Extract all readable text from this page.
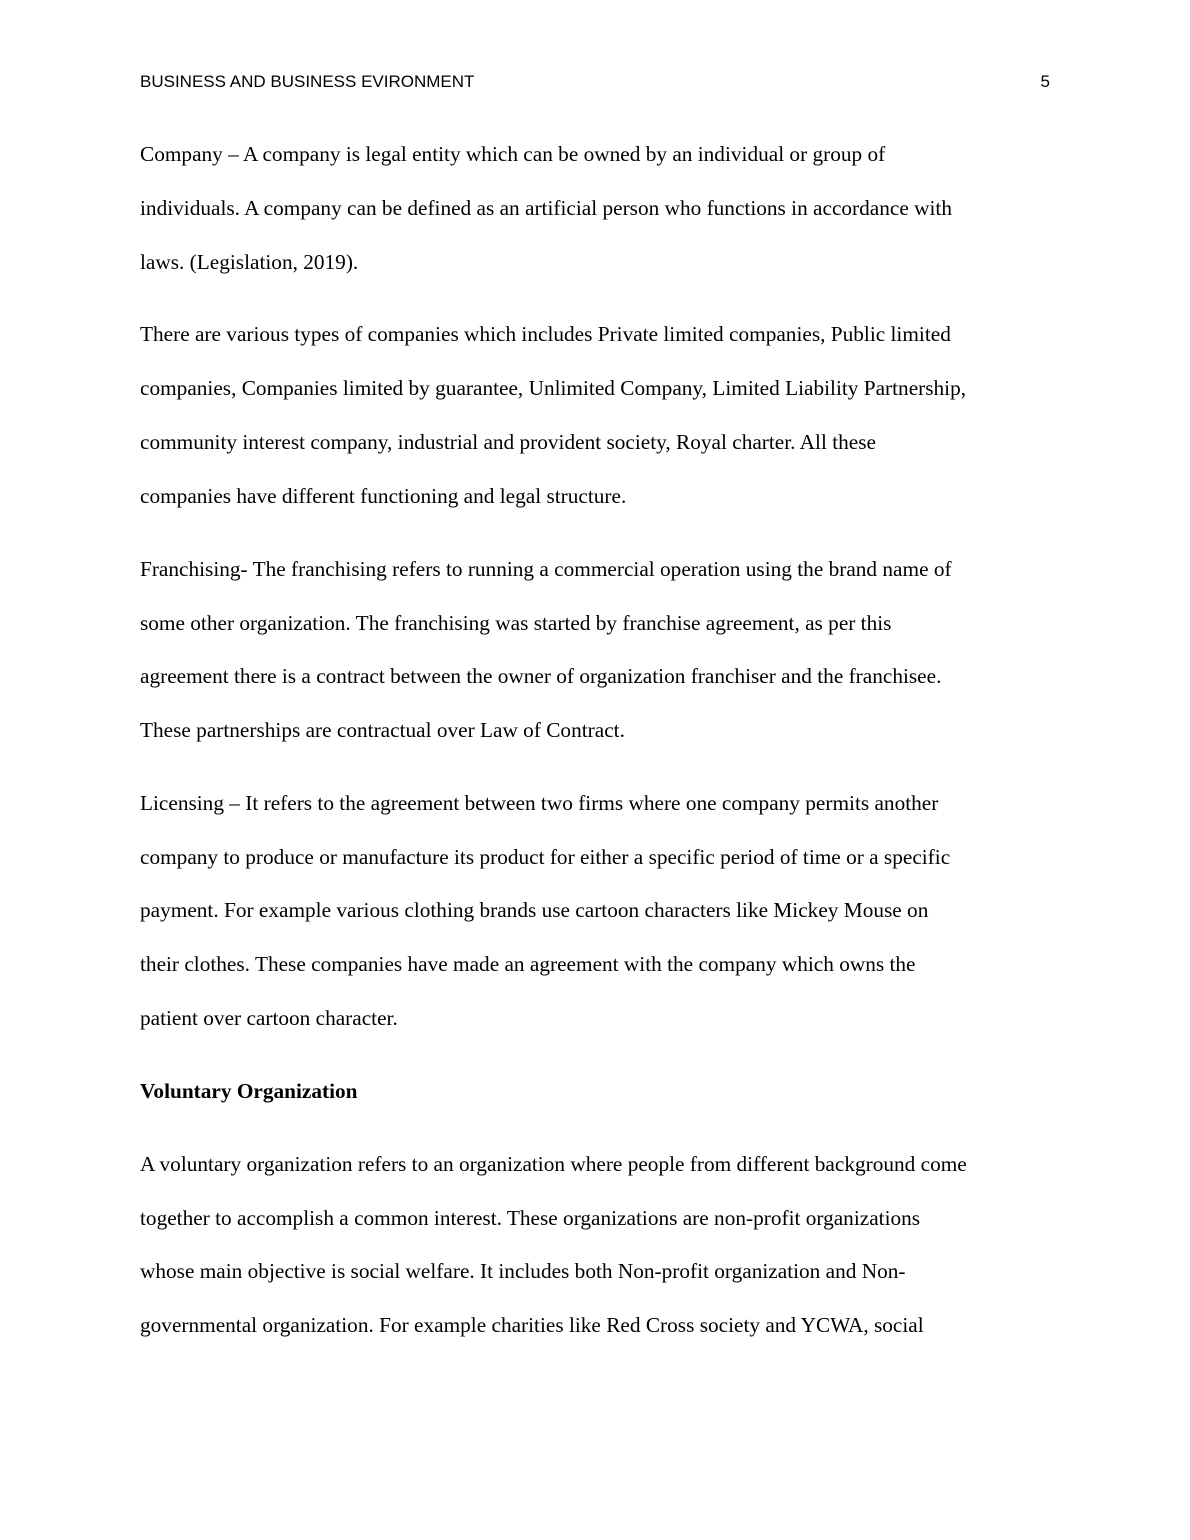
BUSINESS AND BUSINESS EVIRONMENT	5
Company – A company is legal entity which can be owned by an individual or group of
individuals. A company can be defined as an artificial person who functions in accordance with
laws. (Legislation, 2019).
There are various types of companies which includes Private limited companies, Public limited
companies, Companies limited by guarantee, Unlimited Company, Limited Liability Partnership,
community interest company, industrial and provident society, Royal charter. All these
companies have different functioning and legal structure.
Franchising- The franchising refers to running a commercial operation using the brand name of
some other organization. The franchising was started by franchise agreement, as per this
agreement there is a contract between the owner of organization franchiser and the franchisee.
These partnerships are contractual over Law of Contract.
Licensing – It refers to the agreement between two firms where one company permits another
company to produce or manufacture its product for either a specific period of time or a specific
payment. For example various clothing brands use cartoon characters like Mickey Mouse on
their clothes. These companies have made an agreement with the company which owns the
patient over cartoon character.
Voluntary Organization
A voluntary organization refers to an organization where people from different background come
together to accomplish a common interest. These organizations are non-profit organizations
whose main objective is social welfare. It includes both Non-profit organization and Non-
governmental organization. For example charities like Red Cross society and YCWA, social
